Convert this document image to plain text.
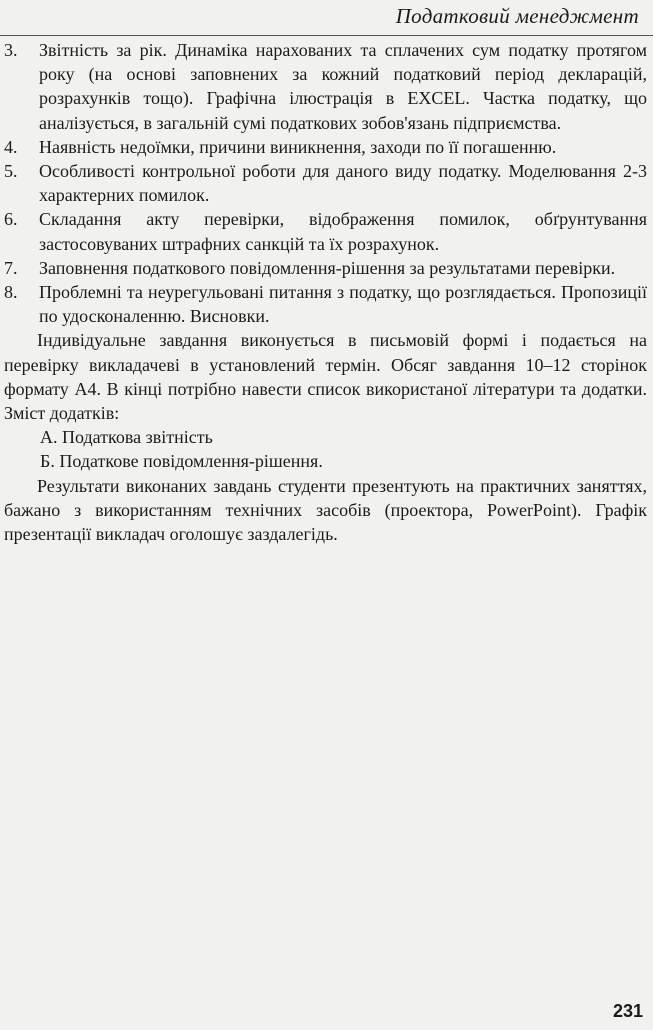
Податковий менеджмент
3.	Звітність за рік. Динаміка нарахованих та сплачених сум податку протягом року (на основі заповнених за кожний податковий період декларацій, розрахунків тощо). Графічна ілюстрація в EXCEL. Частка податку, що аналізується, в загальній сумі податкових зобов'язань підприємства.
4.	Наявність недоїмки, причини виникнення, заходи по її погашенню.
5.	Особливості контрольної роботи для даного виду податку. Моделювання 2-3 характерних помилок.
6.	Складання акту перевірки, відображення помилок, обґрунтування застосовуваних штрафних санкцій та їх розрахунок.
7.	Заповнення податкового повідомлення-рішення за результатами перевірки.
8.	Проблемні та неурегульовані питання з податку, що розглядається. Пропозиції по удосконаленню. Висновки.
Індивідуальне завдання виконується в письмовій формі і подається на перевірку викладачеві в установлений термін. Обсяг завдання 10–12 сторінок формату А4. В кінці потрібно навести список використаної літератури та додатки. Зміст додатків:
А. Податкова звітність
Б. Податкове повідомлення-рішення.
Результати виконаних завдань студенти презентують на практичних заняттях, бажано з використанням технічних засобів (проектора, PowerPoint). Графік презентації викладач оголошує заздалегідь.
231
